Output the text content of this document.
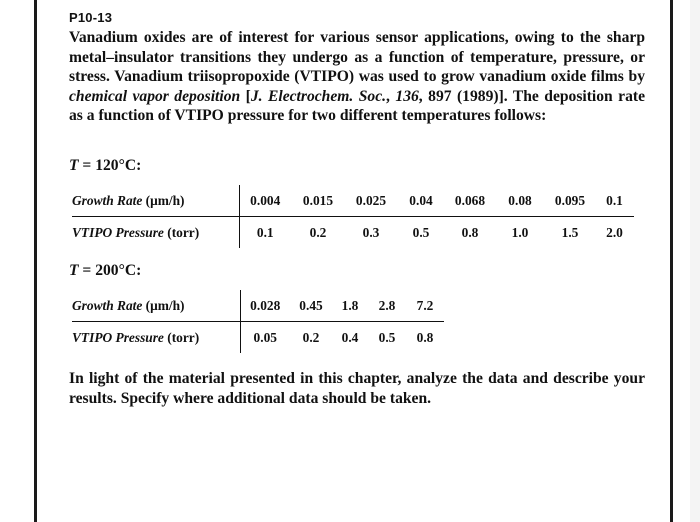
P10-13

Vanadium oxides are of interest for various sensor applications, owing to the sharp metal–insulator transitions they undergo as a function of temperature, pressure, or stress. Vanadium triisopropoxide (VTIPO) was used to grow vanadium oxide films by chemical vapor deposition [J. Electrochem. Soc., 136, 897 (1989)]. The deposition rate as a function of VTIPO pressure for two different temperatures follows:

T = 120°C:
Growth Rate (μm/h)	0.004	0.015	0.025	0.04	0.068	0.08	0.095	0.1
VTIPO Pressure (torr)	0.1	0.2	0.3	0.5	0.8	1.0	1.5	2.0
T = 200°C:
Growth Rate (μm/h)	0.028	0.45	1.8	2.8	7.2
VTIPO Pressure (torr)	0.05	0.2	0.4	0.5	0.8
In light of the material presented in this chapter, analyze the data and describe your results. Specify where additional data should be taken.
